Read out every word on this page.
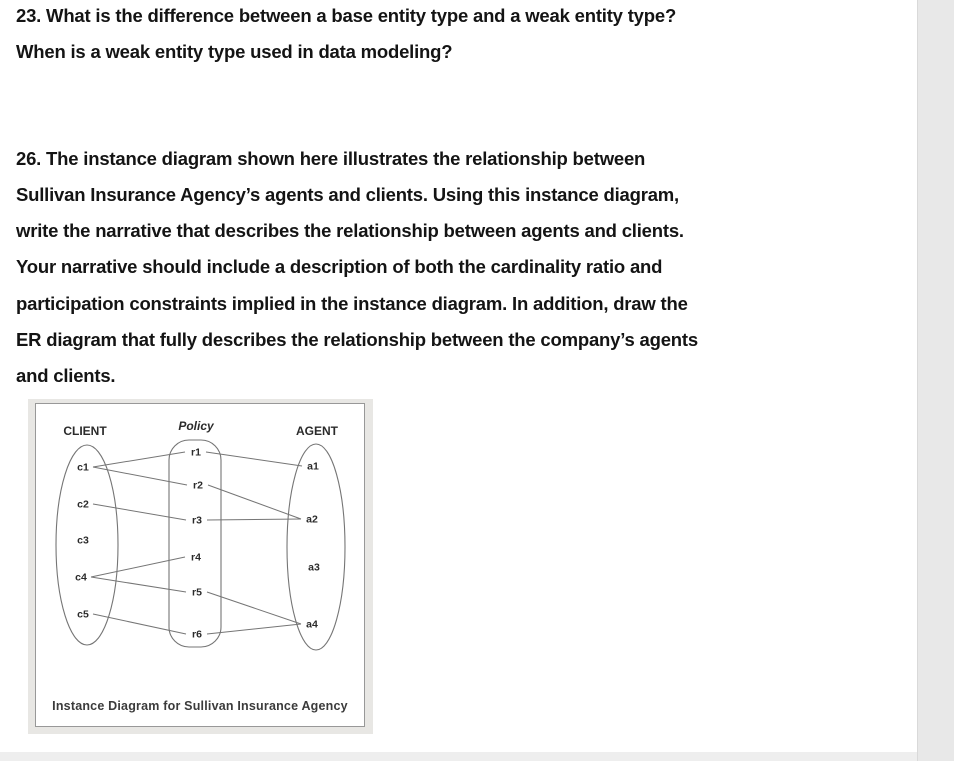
23. What is the difference between a base entity type and a weak entity type?
When is a weak entity type used in data modeling?
26. The instance diagram shown here illustrates the relationship between
Sullivan Insurance Agency’s agents and clients. Using this instance diagram,
write the narrative that describes the relationship between agents and clients.
Your narrative should include a description of both the cardinality ratio and
participation constraints implied in the instance diagram. In addition, draw the
ER diagram that fully describes the relationship between the company’s agents
and clients.
c1
c2
c3
c4
c5
r1
r2
r3
r4
r5
r6
a1
a2
a3
a4
CLIENT	Policy	AGENT
Instance Diagram for Sullivan Insurance Agency
